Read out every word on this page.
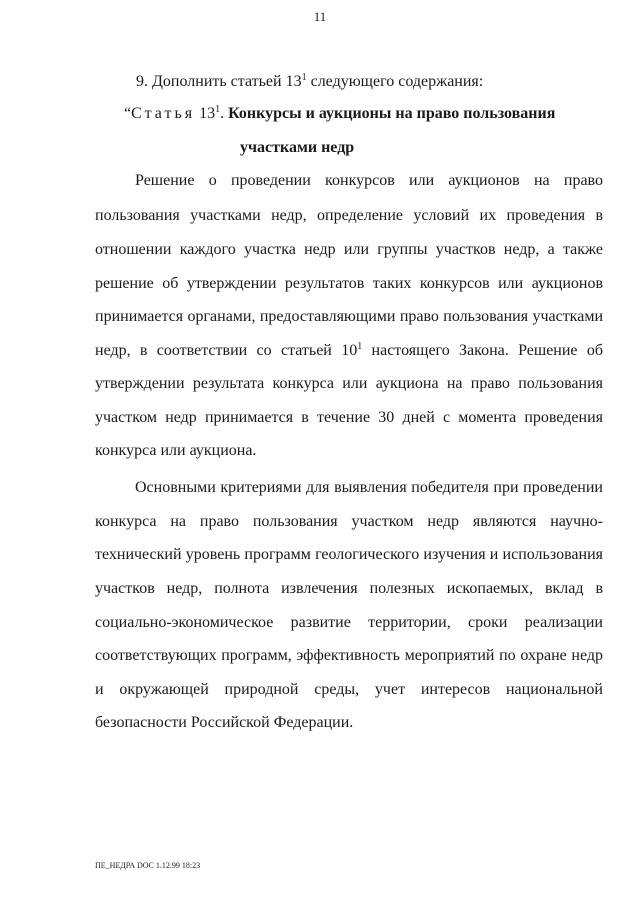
11
9. Дополнить статьей $13^1$ следующего содержания:
“Статья $13^1$. Конкурсы и аукционы на право пользования
участками недр
Решение о проведении конкурсов или аукционов на право
пользования участками недр, определение условий их проведения в
отношении каждого участка недр или группы участков недр, а также
решение об утверждении результатов таких конкурсов или аукционов
принимается органами, предоставляющими право пользования участками
недр, в соответствии со статьей $10^1$ настоящего Закона. Решение об
утверждении результата конкурса или аукциона на право пользования
участком недр принимается в течение 30 дней с момента проведения
конкурса или аукциона.
Основными критериями для выявления победителя при проведении
конкурса на право пользования участком недр являются научно-
технический уровень программ геологического изучения и использования
участков недр, полнота извлечения полезных ископаемых, вклад в
социально-экономическое развитие территории, сроки реализации
соответствующих программ, эффективность мероприятий по охране недр
и окружающей природной среды, учет интересов национальной
безопасности Российской Федерации.
ПЕ_НЕДРА DOC 1.12.99 18:23
